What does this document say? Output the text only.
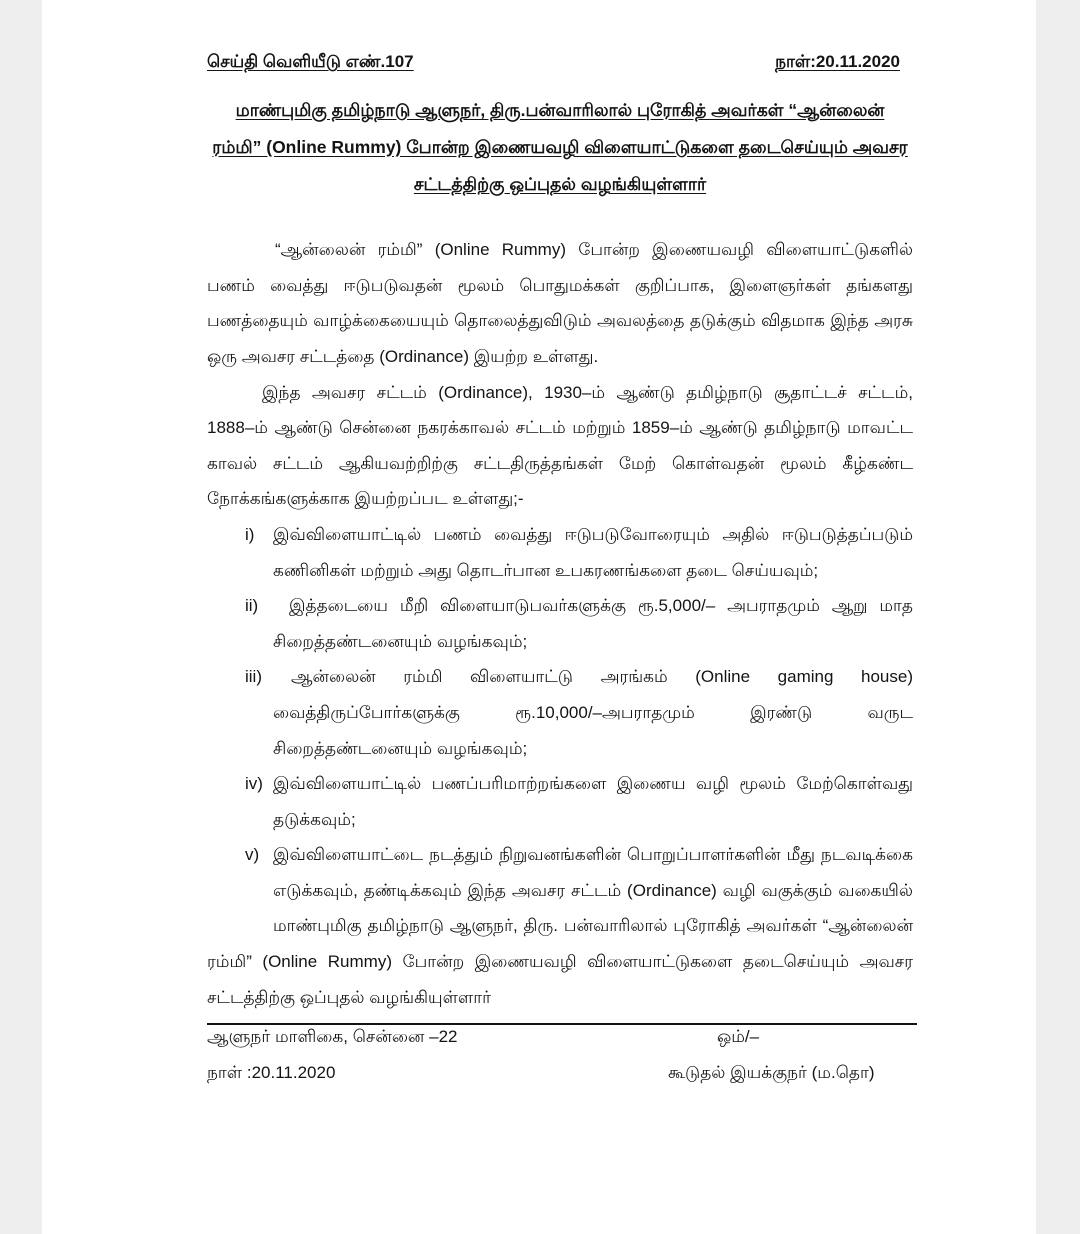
செய்தி வெளியீடு எண்.107	நாள்:20.11.2020
மாண்புமிகு தமிழ்நாடு ஆளுநர், திரு.பன்வாரிலால் புரோகித் அவர்கள் “ஆன்லைன்
ரம்மி” (Online Rummy) போன்ற இணையவழி விளையாட்டுகளை தடைசெய்யும் அவசர
சட்டத்திற்கு ஒப்புதல் வழங்கியுள்ளார்
“ஆன்லைன் ரம்மி” (Online Rummy) போன்ற இணையவழி விளையாட்டுகளில்
பணம் வைத்து ஈடுபடுவதன் மூலம் பொதுமக்கள் குறிப்பாக, இளைஞர்கள் தங்களது
பணத்தையும் வாழ்க்கையையும் தொலைத்துவிடும் அவலத்தை தடுக்கும் விதமாக இந்த அரசு
ஒரு அவசர சட்டத்தை (Ordinance) இயற்ற உள்ளது.
இந்த அவசர சட்டம் (Ordinance), 1930–ம் ஆண்டு தமிழ்நாடு சூதாட்டச் சட்டம்,
1888–ம் ஆண்டு சென்னை நகரக்காவல் சட்டம் மற்றும் 1859–ம் ஆண்டு தமிழ்நாடு மாவட்ட
காவல் சட்டம் ஆகியவற்றிற்கு சட்டதிருத்தங்கள் மேற் கொள்வதன் மூலம் கீழ்கண்ட
நோக்கங்களுக்காக இயற்றப்பட உள்ளது;-
i)	இவ்விளையாட்டில் பணம் வைத்து ஈடுபடுவோரையும் அதில் ஈடுபடுத்தப்படும்
கணினிகள் மற்றும் அது தொடர்பான உபகரணங்களை தடை செய்யவும்;
ii)	இத்தடையை மீறி விளையாடுபவர்களுக்கு ரூ.5,000/– அபராதமும் ஆறு மாத
சிறைத்தண்டனையும் வழங்கவும்;
iii)	ஆன்லைன் ரம்மி விளையாட்டு அரங்கம் (Online gaming house)
வைத்திருப்போர்களுக்கு ரூ.10,000/–அபராதமும் இரண்டு வருட
சிறைத்தண்டனையும் வழங்கவும்;
iv) இவ்விளையாட்டில் பணப்பரிமாற்றங்களை இணைய வழி மூலம் மேற்கொள்வது
தடுக்கவும்;
v) இவ்விளையாட்டை நடத்தும் நிறுவனங்களின் பொறுப்பாளர்களின் மீது நடவடிக்கை
எடுக்கவும், தண்டிக்கவும் இந்த அவசர சட்டம் (Ordinance) வழி வகுக்கும் வகையில்
மாண்புமிகு தமிழ்நாடு ஆளுநர், திரு. பன்வாரிலால் புரோகித் அவர்கள் “ஆன்லைன்
ரம்மி” (Online Rummy) போன்ற இணையவழி விளையாட்டுகளை தடைசெய்யும் அவசர
சட்டத்திற்கு ஒப்புதல் வழங்கியுள்ளார்
ஆளுநர் மாளிகை, சென்னை –22	ஒம்/–
நாள் :20.11.2020	கூடுதல் இயக்குநர் (ம.தொ)
